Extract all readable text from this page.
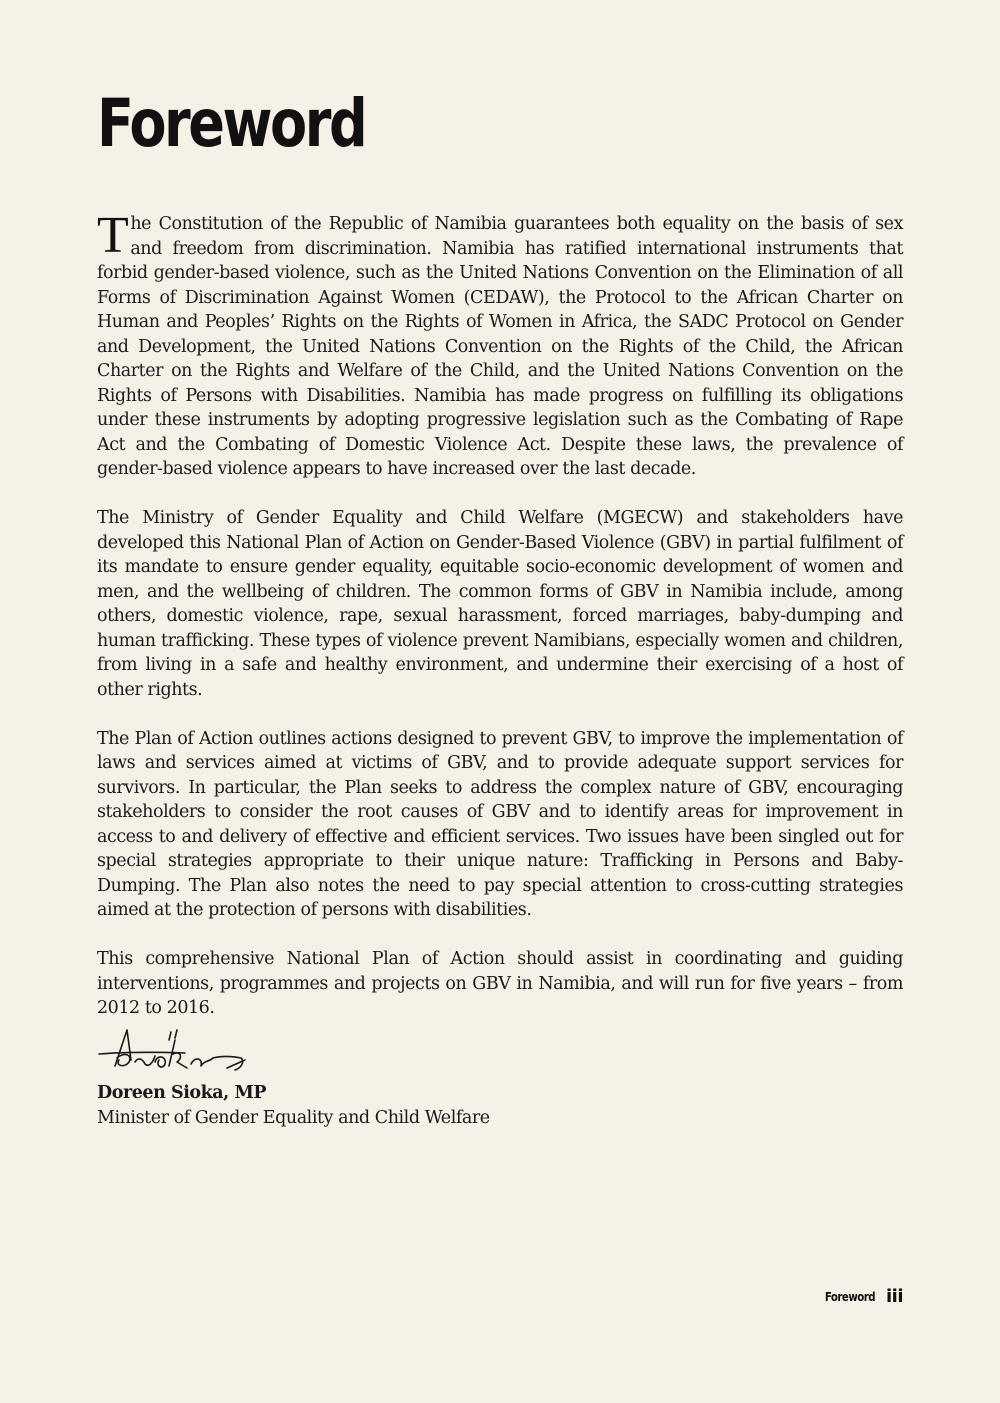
Foreword

The Constitution of the Republic of Namibia guarantees both equality on the basis of sex and freedom from discrimination. Namibia has ratified international instruments that forbid gender-based violence, such as the United Nations Convention on the Elimination of all Forms of Discrimination Against Women (CEDAW), the Protocol to the African Charter on Human and Peoples’ Rights on the Rights of Women in Africa, the SADC Protocol on Gender and Development, the United Nations Convention on the Rights of the Child, the African Charter on the Rights and Welfare of the Child, and the United Nations Convention on the Rights of Persons with Disabilities. Namibia has made progress on fulfilling its obligations under these instruments by adopting progressive legislation such as the Combating of Rape Act and the Combating of Domestic Violence Act. Despite these laws, the prevalence of gender-based violence appears to have increased over the last decade.

The Ministry of Gender Equality and Child Welfare (MGECW) and stakeholders have developed this National Plan of Action on Gender-Based Violence (GBV) in partial fulfilment of its mandate to ensure gender equality, equitable socio-economic development of women and men, and the wellbeing of children. The common forms of GBV in Namibia include, among others, domestic violence, rape, sexual harassment, forced marriages, baby-dumping and human trafficking. These types of violence prevent Namibians, especially women and children, from living in a safe and healthy environment, and undermine their exercising of a host of other rights.

The Plan of Action outlines actions designed to prevent GBV, to improve the implementation of laws and services aimed at victims of GBV, and to provide adequate support services for survivors. In particular, the Plan seeks to address the complex nature of GBV, encouraging stakeholders to consider the root causes of GBV and to identify areas for improvement in access to and delivery of effective and efficient services. Two issues have been singled out for special strategies appropriate to their unique nature: Trafficking in Persons and Baby-Dumping. The Plan also notes the need to pay special attention to cross-cutting strategies aimed at the protection of persons with disabilities.

This comprehensive National Plan of Action should assist in coordinating and guiding interventions, programmes and projects on GBV in Namibia, and will run for five years – from 2012 to 2016.

Doreen Sioka, MP
Minister of Gender Equality and Child Welfare
Foreword iii
